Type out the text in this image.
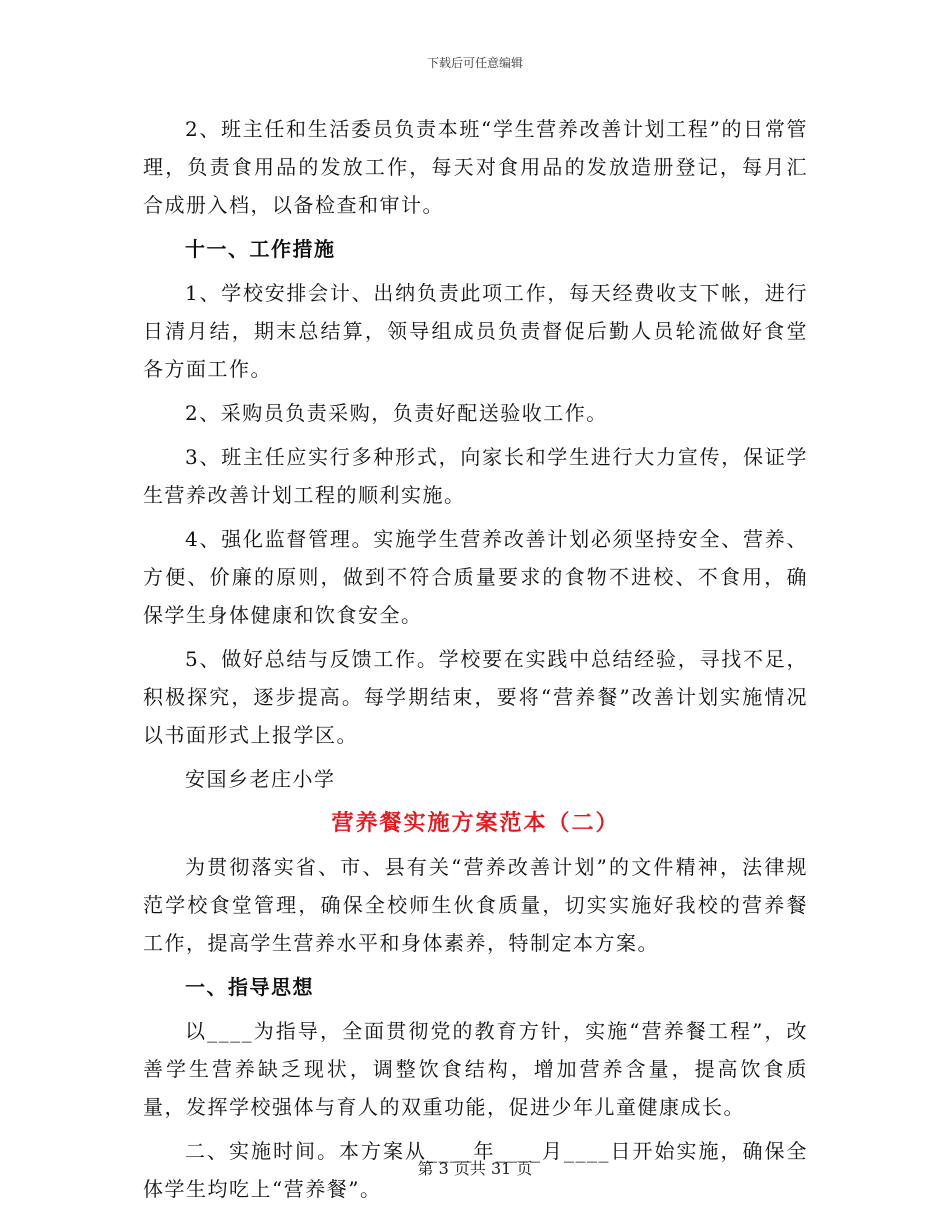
下载后可任意编辑

2、班主任和生活委员负责本班“学生营养改善计划工程”的日常管理，负责食用品的发放工作，每天对食用品的发放造册登记，每月汇合成册入档，以备检查和审计。

十一、工作措施

1、学校安排会计、出纳负责此项工作，每天经费收支下帐，进行日清月结，期末总结算，领导组成员负责督促后勤人员轮流做好食堂各方面工作。

2、采购员负责采购，负责好配送验收工作。

3、班主任应实行多种形式，向家长和学生进行大力宣传，保证学生营养改善计划工程的顺利实施。

4、强化监督管理。实施学生营养改善计划必须坚持安全、营养、方便、价廉的原则，做到不符合质量要求的食物不进校、不食用，确保学生身体健康和饮食安全。

5、做好总结与反馈工作。学校要在实践中总结经验，寻找不足，积极探究，逐步提高。每学期结束，要将“营养餐”改善计划实施情况以书面形式上报学区。

安国乡老庄小学

营养餐实施方案范本（二）

为贯彻落实省、市、县有关“营养改善计划”的文件精神，法律规范学校食堂管理，确保全校师生伙食质量，切实实施好我校的营养餐工作，提高学生营养水平和身体素养，特制定本方案。

一、指导思想

以____为指导，全面贯彻党的教育方针，实施“营养餐工程”，改善学生营养缺乏现状，调整饮食结构，增加营养含量，提高饮食质量，发挥学校强体与育人的双重功能，促进少年儿童健康成长。

二、实施时间。本方案从____年____月____日开始实施，确保全体学生均吃上“营养餐”。

第 3 页共 31 页
